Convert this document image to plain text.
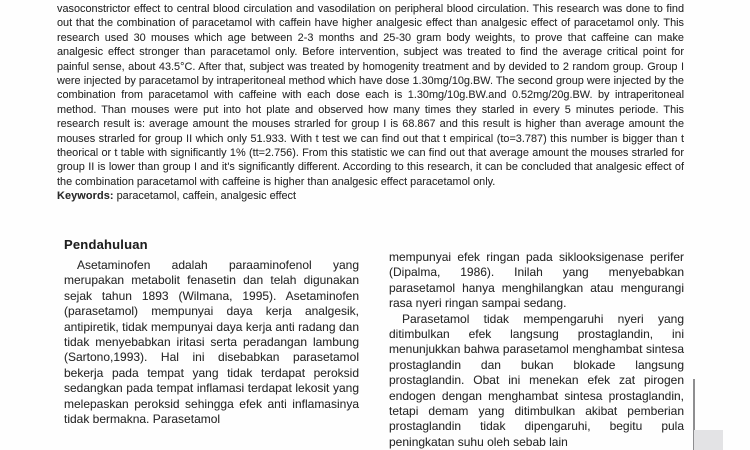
vasoconstrictor effect to central blood circulation and vasodilation on peripheral blood circulation. This research was done to find out that the combination of paracetamol with caffein have higher analgesic effect than analgesic effect of paracetamol only. This research used 30 mouses which age between 2-3 months and 25-30 gram body weights, to prove that caffeine can make analgesic effect stronger than paracetamol only. Before intervention, subject was treated to find the average critical point for painful sense, about 43.5°C. After that, subject was treated by homogenity treatment and by devided to 2 random group. Group I were injected by paracetamol by intraperitoneal method which have dose 1.30mg/10g.BW. The second group were injected by the combination from paracetamol with caffeine with each dose each is 1.30mg/10g.BW.and 0.52mg/20g.BW. by intraperitoneal method. Than mouses were put into hot plate and observed how many times they starled in every 5 minutes periode. This research result is: average amount the mouses strarled for group I is 68.867 and this result is higher than average amount the mouses strarled for group II which only 51.933. With t test we can find out that t empirical (to=3.787) this number is bigger than t theorical or t table with significantly 1% (tt=2.756). From this statistic we can find out that average amount the mouses strarled for group II is lower than group I and it's significantly different. According to this research, it can be concluded that analgesic effect of the combination paracetamol with caffeine is higher than analgesic effect paracetamol only.
Keywords: paracetamol, caffein, analgesic effect
Pendahuluan

Asetaminofen adalah paraaminofenol yang merupakan metabolit fenasetin dan telah digunakan sejak tahun 1893 (Wilmana, 1995). Asetaminofen (parasetamol) mempunyai daya kerja analgesik, antipiretik, tidak mempunyai daya kerja anti radang dan tidak menyebabkan iritasi serta peradangan lambung (Sartono,1993). Hal ini disebabkan parasetamol bekerja pada tempat yang tidak terdapat peroksid sedangkan pada tempat inflamasi terdapat lekosit yang melepaskan peroksid sehingga efek anti inflamasinya tidak bermakna. Parasetamol

mempunyai efek ringan pada siklooksigenase perifer (Dipalma, 1986). Inilah yang menyebabkan parasetamol hanya menghilangkan atau mengurangi rasa nyeri ringan sampai sedang.

Parasetamol tidak mempengaruhi nyeri yang ditimbulkan efek langsung prostaglandin, ini menunjukkan bahwa parasetamol menghambat sintesa prostaglandin dan bukan blokade langsung prostaglandin. Obat ini menekan efek zat pirogen endogen dengan menghambat sintesa prostaglandin, tetapi demam yang ditimbulkan akibat pemberian prostaglandin tidak dipengaruhi, begitu pula peningkatan suhu oleh sebab lain
